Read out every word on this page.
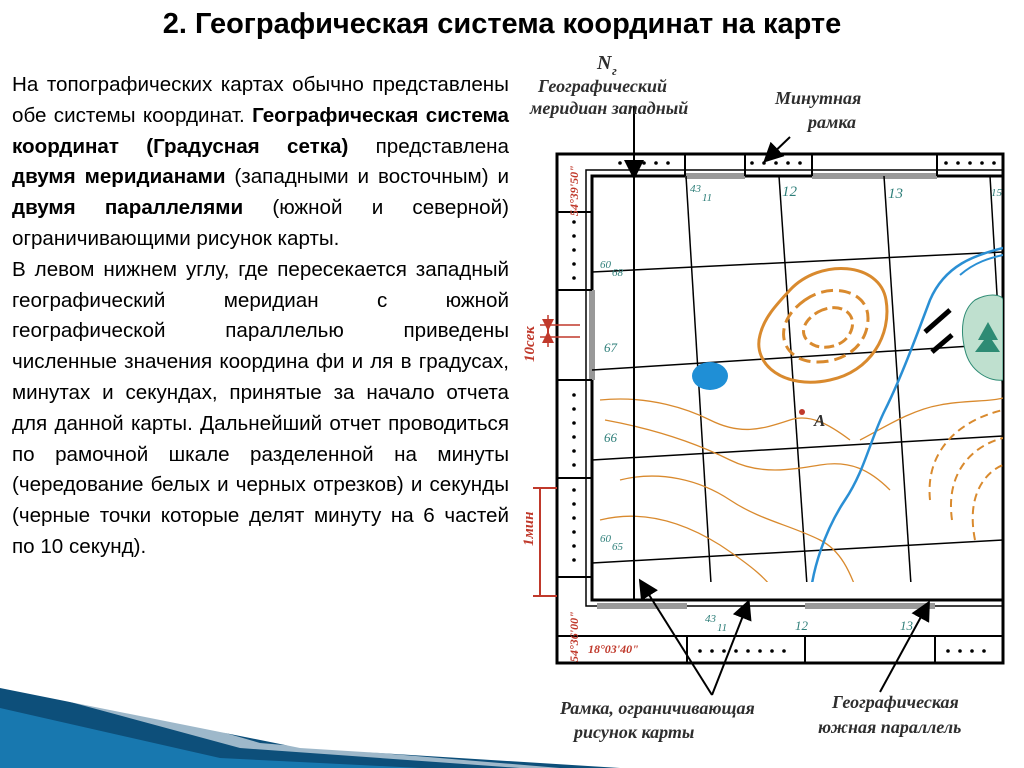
2. Географическая система координат на карте

На топографических картах обычно представлены обе системы координат. Географическая система координат (Градусная сетка) представлена двумя меридианами (западными и восточным) и двумя параллелями (южной и северной) ограничивающими рисунок карты.

В левом нижнем углу, где пересекается западный географический меридиан с южной географической параллелью приведены численные значения координа фи и ля в градусах, минутах и секундах, принятые за начало отчета для данной карты. Дальнейший отчет проводиться по рамочной шкале разделенной на минуты (чередование белых и черных отрезков) и секунды (черные точки которые делят минуту на 6 частей по 10 секунд).

N г
Географический
меридиан западный	Минутная
рамка
Рамка, ограничивающая
рисунок карты
Географическая
южная параллель
54°39'50"
54°36'00" 18°03'40"
10сек
1мин
A
43
11	12	13	15
43
11	12	13
60
68
67
66
60
65
